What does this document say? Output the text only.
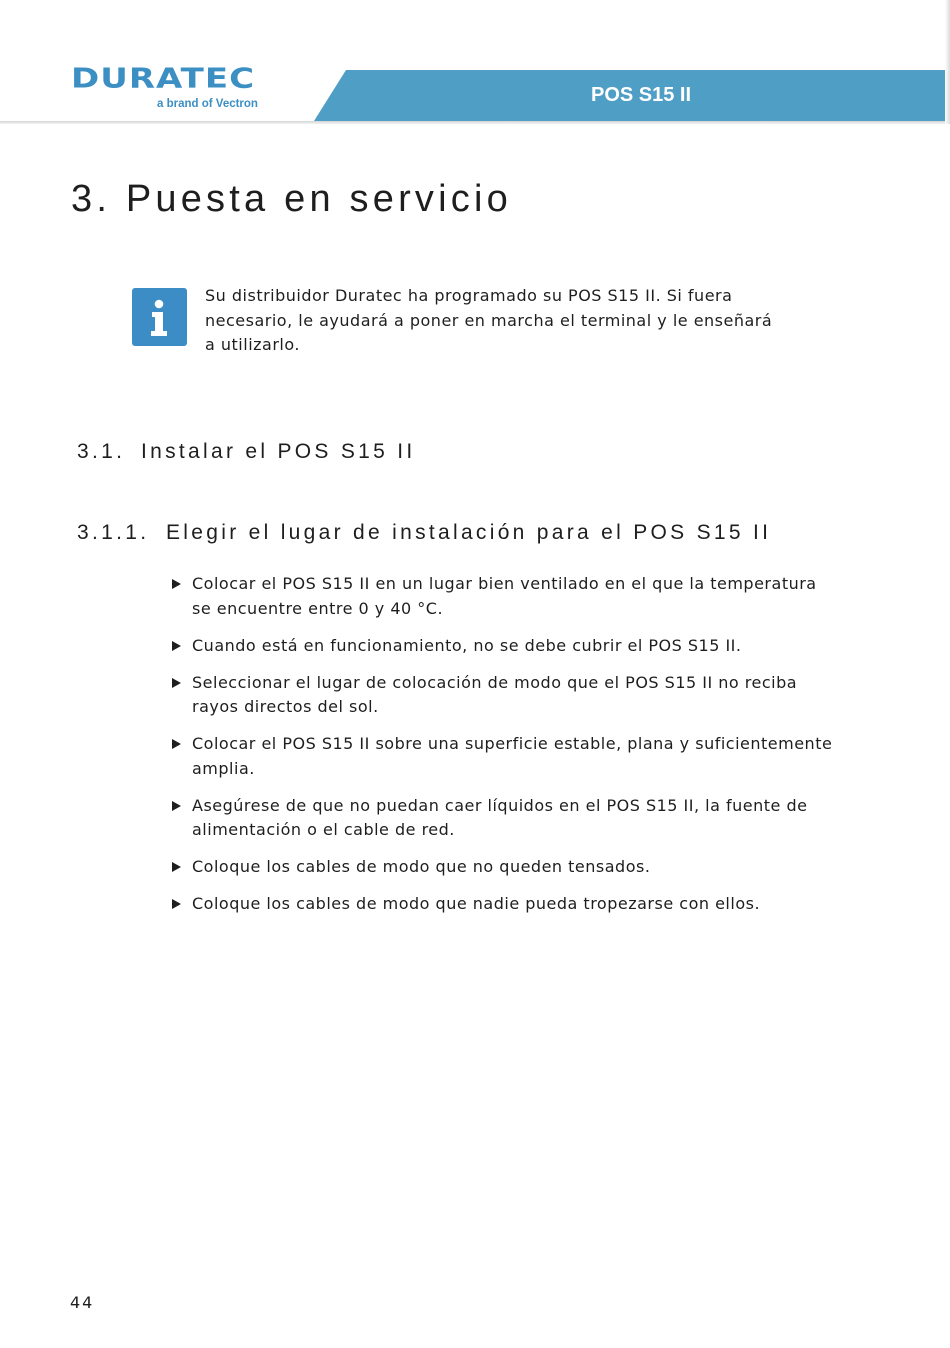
DURATEC
a brand of Vectron	POS S15 II
3. Puesta en servicio

Su distribuidor Duratec ha programado su POS S15 II. Si fuera necesario, le ayudará a poner en marcha el terminal y le enseñará a utilizarlo.

3.1. Instalar el POS S15 II
3.1.1. Elegir el lugar de instalación para el POS S15 II
Colocar el POS S15 II en un lugar bien ventilado en el que la temperatura se encuentre entre 0 y 40 °C.
Cuando está en funcionamiento, no se debe cubrir el POS S15 II.
Seleccionar el lugar de colocación de modo que el POS S15 II no reciba rayos directos del sol.
Colocar el POS S15 II sobre una superficie estable, plana y suficientemente amplia.
Asegúrese de que no puedan caer líquidos en el POS S15 II, la fuente de alimentación o el cable de red.
Coloque los cables de modo que no queden tensados.
Coloque los cables de modo que nadie pueda tropezarse con ellos.
44
